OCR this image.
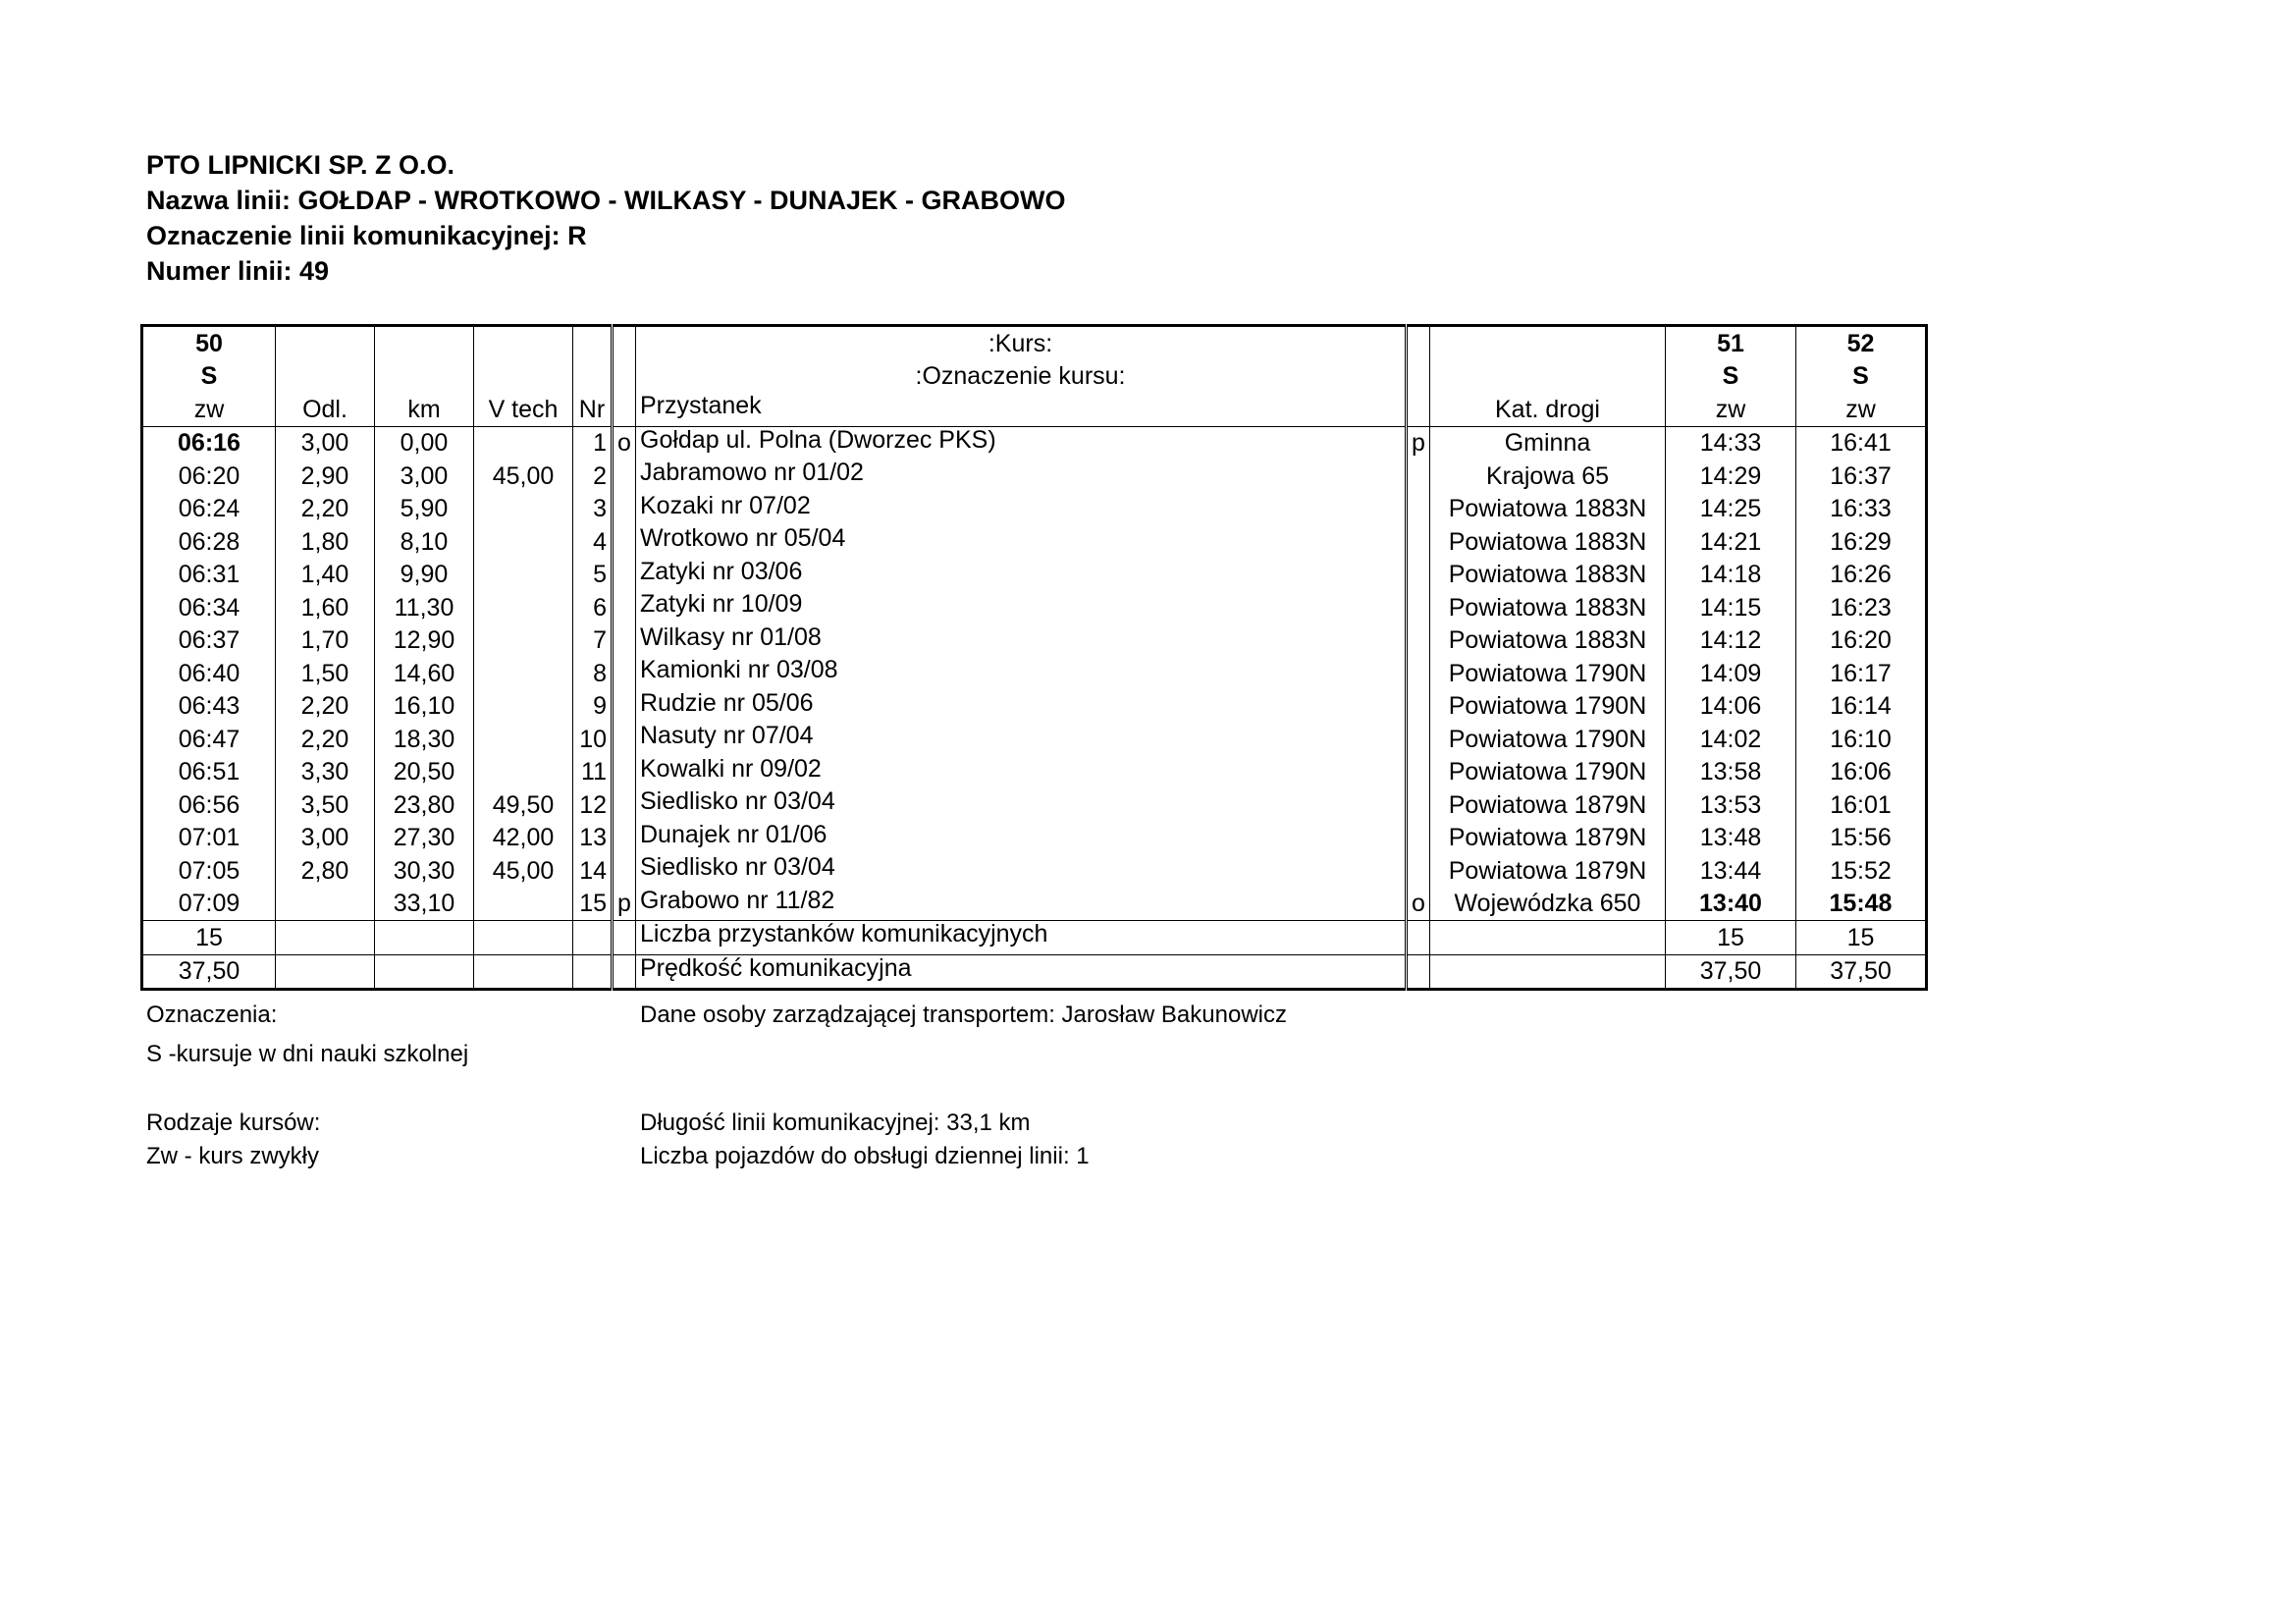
PTO LIPNICKI SP. Z O.O.
Nazwa linii: GOŁDAP - WROTKOWO - WILKASY - DUNAJEK - GRABOWO
Oznaczenie linii komunikacyjnej: R
Numer linii: 49
50						:Kurs:			51	52
S						:Oznaczenie kursu:			S	S
zw	Odl.	km	V tech	Nr		Przystanek		Kat. drogi	zw	zw
06:16	3,00	0,00		1	o	Gołdap ul. Polna (Dworzec PKS)	p	Gminna	14:33	16:41
06:20	2,90	3,00	45,00	2		Jabramowo nr 01/02		Krajowa 65	14:29	16:37
06:24	2,20	5,90		3		Kozaki nr 07/02		Powiatowa 1883N	14:25	16:33
06:28	1,80	8,10		4		Wrotkowo nr 05/04		Powiatowa 1883N	14:21	16:29
06:31	1,40	9,90		5		Zatyki nr 03/06		Powiatowa 1883N	14:18	16:26
06:34	1,60	11,30		6		Zatyki nr 10/09		Powiatowa 1883N	14:15	16:23
06:37	1,70	12,90		7		Wilkasy nr 01/08		Powiatowa 1883N	14:12	16:20
06:40	1,50	14,60		8		Kamionki nr 03/08		Powiatowa 1790N	14:09	16:17
06:43	2,20	16,10		9		Rudzie nr 05/06		Powiatowa 1790N	14:06	16:14
06:47	2,20	18,30		10		Nasuty nr 07/04		Powiatowa 1790N	14:02	16:10
06:51	3,30	20,50		11		Kowalki nr 09/02		Powiatowa 1790N	13:58	16:06
06:56	3,50	23,80	49,50	12		Siedlisko nr 03/04		Powiatowa 1879N	13:53	16:01
07:01	3,00	27,30	42,00	13		Dunajek nr 01/06		Powiatowa 1879N	13:48	15:56
07:05	2,80	30,30	45,00	14		Siedlisko nr 03/04		Powiatowa 1879N	13:44	15:52
07:09		33,10		15	p	Grabowo nr 11/82	o	Wojewódzka 650	13:40	15:48
15						Liczba przystanków komunikacyjnych			15	15
37,50						Prędkość komunikacyjna			37,50	37,50
Oznaczenia:
S -kursuje w dni nauki szkolnej
Rodzaje kursów:
Zw - kurs zwykły
Dane osoby zarządzającej transportem: Jarosław Bakunowicz
Długość linii komunikacyjnej: 33,1 km
Liczba pojazdów do obsługi dziennej linii: 1
